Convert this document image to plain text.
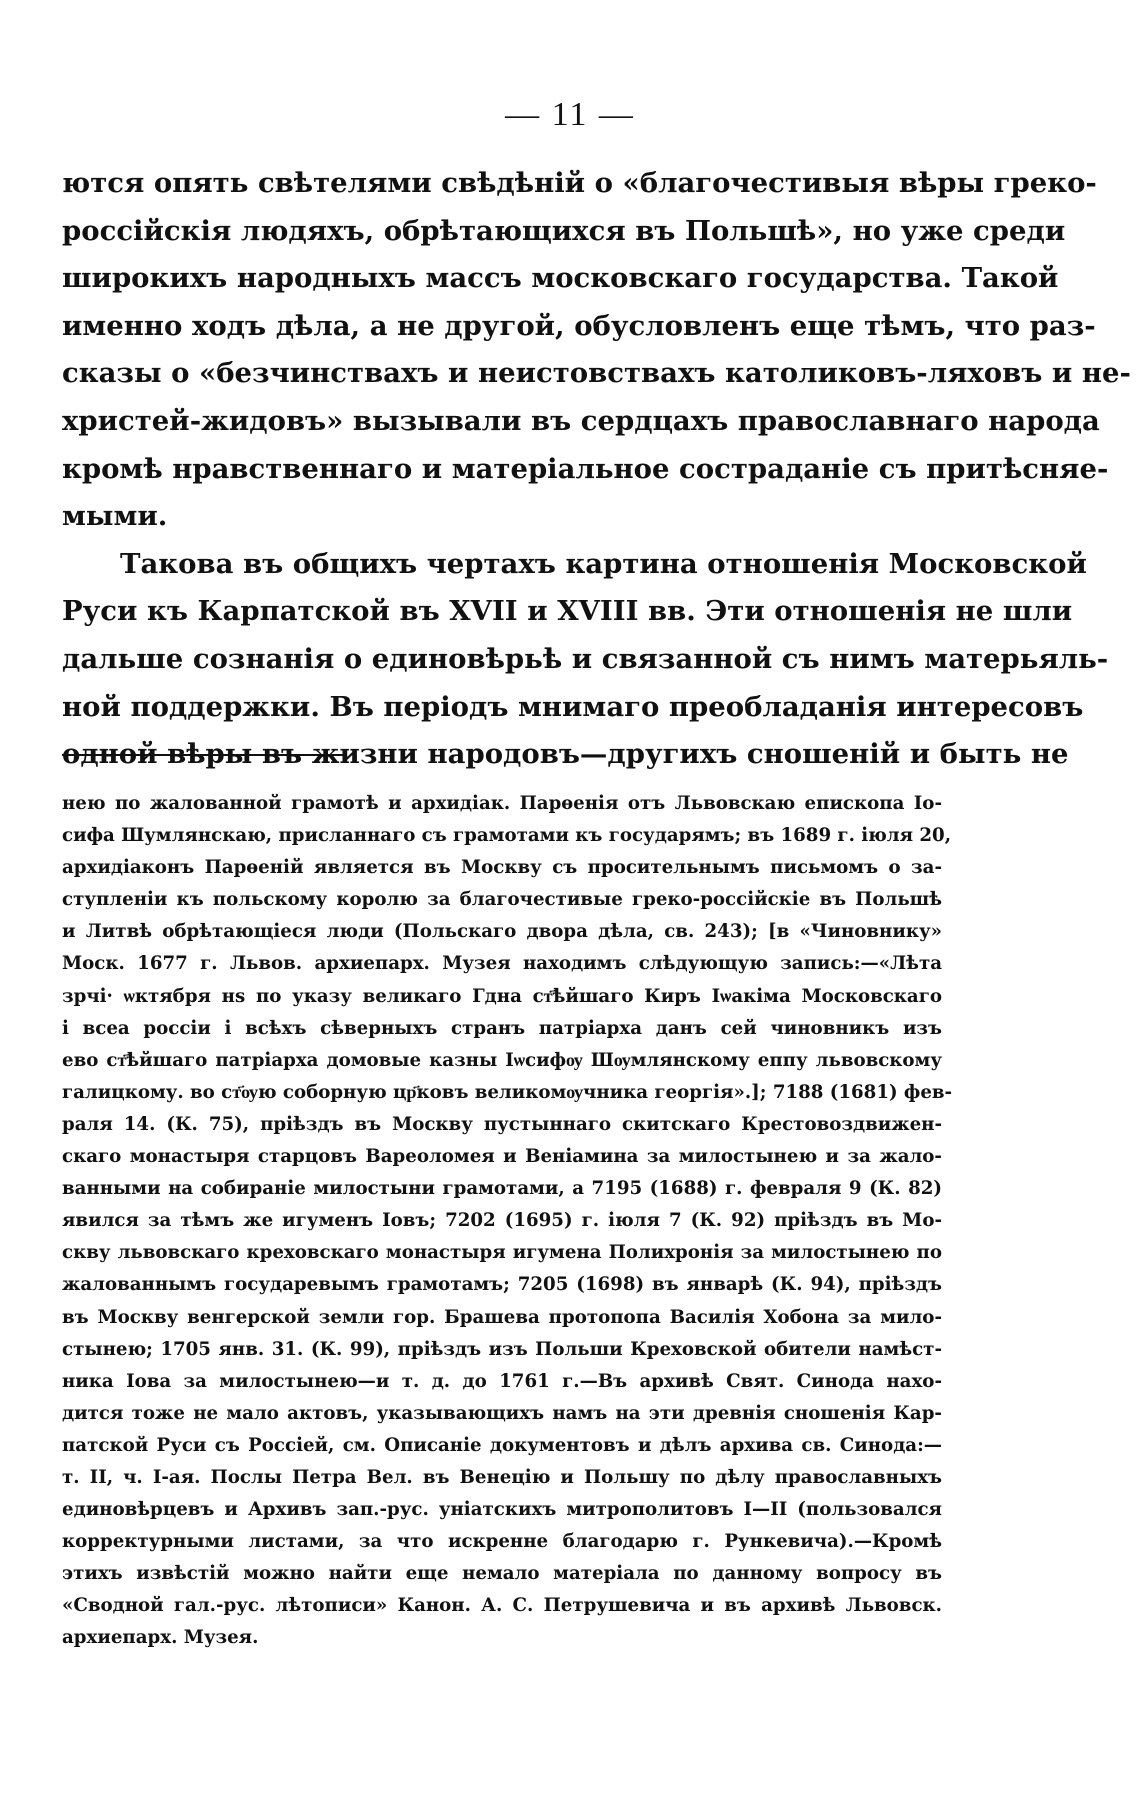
— 11 —
ются опять свѣтелями свѣдѣній о «благочестивыя вѣры греко-
россійскія людяхъ, обрѣтающихся въ Польшѣ», но уже среди
широкихъ народныхъ массъ московскаго государства. Такой
именно ходъ дѣла, а не другой, обусловленъ еще тѣмъ, что раз-
сказы о «безчинствахъ и неистовствахъ католиковъ-ляховъ и не-
христей-жидовъ» вызывали въ сердцахъ православнаго народа
кромѣ нравственнаго и матеріальное состраданіе съ притѣсняе-
мыми.
Такова въ общихъ чертахъ картина отношенія Московской
Руси къ Карпатской въ XVII и XVIII вв. Эти отношенія не шли
дальше сознанія о единовѣрьѣ и связанной съ нимъ матерьяль-
ной поддержки. Въ періодъ мнимаго преобладанія интересовъ
одной вѣры въ жизни народовъ—другихъ сношеній и быть не
нею по жалованной грамотѣ и архидіак. Парѳенія отъ Львовскаю епископа Іо-
сифа Шумлянскаю, присланнаго съ грамотами къ государямъ; въ 1689 г. іюля 20,
архидіаконъ Парѳеній является въ Москву съ просительнымъ письмомъ о за-
ступленіи къ польскому королю за благочестивые греко-россійскіе въ Польшѣ
и Литвѣ обрѣтающіеся люди (Польскаго двора дѣла, св. 243); [в «Чиновнику»
Моск. 1677 г. Львов. архиепарх. Музея находимъ слѣдующую запись:—«Лѣта
зрчі· ѡктября нѕ по указу великаго Гдна ст҃ѣйшаго Киръ Іѡакіма Московскаго
і всеа россіи і всѣхъ сѣверныхъ странъ патріарха данъ сей чиновникъ изъ
ево ст҃ѣйшаго патріарха домовые казны Іѡсифѹ Шѹмлянскому еппу львовскому
галицкому. во ст҃ѹю соборную цр҃ковъ великомѹчника георгія».]; 7188 (1681) фев-
раля 14. (К. 75), пріѣздъ въ Москву пустыннаго скитскаго Крестовоздвижен-
скаго монастыря старцовъ Вареоломея и Веніамина за милостынею и за жало-
ванными на собираніе милостыни грамотами, а 7195 (1688) г. февраля 9 (К. 82)
явился за тѣмъ же игуменъ Іовъ; 7202 (1695) г. іюля 7 (К. 92) пріѣздъ въ Мо-
скву львовскаго креховскаго монастыря игумена Полихронія за милостынею по
жалованнымъ государевымъ грамотамъ; 7205 (1698) въ январѣ (К. 94), пріѣздъ
въ Москву венгерской земли гор. Брашева протопопа Василія Хобона за мило-
стынею; 1705 янв. 31. (К. 99), пріѣздъ изъ Польши Креховской обители намѣст-
ника Іова за милостынею—и т. д. до 1761 г.—Въ архивѣ Свят. Синода нахо-
дится тоже не мало актовъ, указывающихъ намъ на эти древнія сношенія Кар-
патской Руси съ Россіей, см. Описаніе документовъ и дѣлъ архива св. Синода:—
т. II, ч. I-ая. Послы Петра Вел. въ Венецію и Польшу по дѣлу православныхъ
единовѣрцевъ и Архивъ зап.-рус. уніатскихъ митрополитовъ I—II (пользовался
корректурными листами, за что искренне благодарю г. Рункевича).—Кромѣ
этихъ извѣстій можно найти еще немало матеріала по данному вопросу въ
«Сводной гал.-рус. лѣтописи» Канон. А. С. Петрушевича и въ архивѣ Львовск.
архиепарх. Музея.
